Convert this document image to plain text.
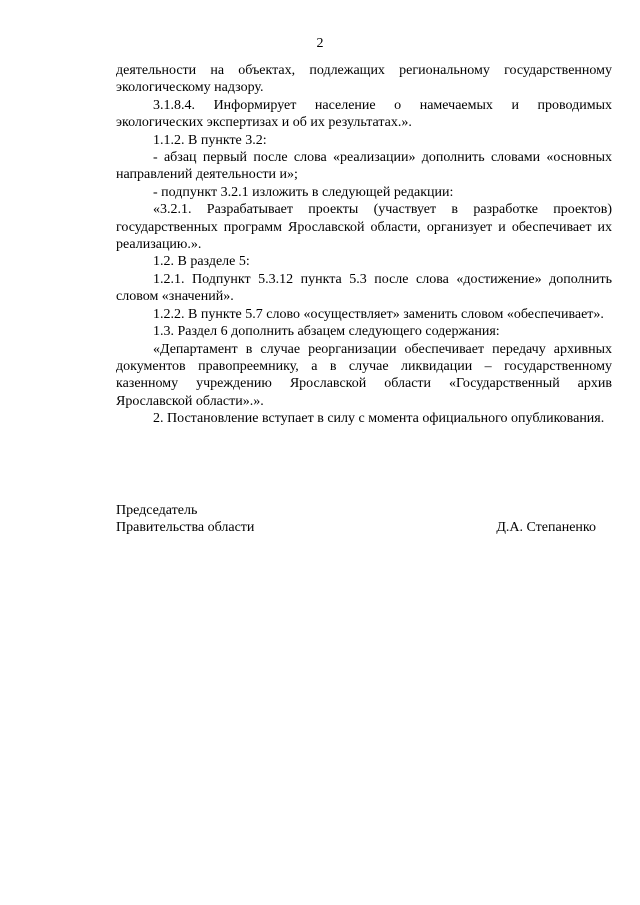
2

деятельности на объектах, подлежащих региональному государственному экологическому надзору.

3.1.8.4. Информирует население о намечаемых и проводимых экологических экспертизах и об их результатах.».

1.1.2. В пункте 3.2:

- абзац первый после слова «реализации» дополнить словами «основных направлений деятельности и»;

- подпункт 3.2.1 изложить в следующей редакции:

«3.2.1. Разрабатывает проекты (участвует в разработке проектов) государственных программ Ярославской области, организует и обеспечивает их реализацию.».

1.2. В разделе 5:

1.2.1. Подпункт 5.3.12 пункта 5.3 после слова «достижение» дополнить словом «значений».

1.2.2. В пункте 5.7 слово «осуществляет» заменить словом «обеспечивает».

1.3. Раздел 6 дополнить абзацем следующего содержания:

«Департамент в случае реорганизации обеспечивает передачу архивных документов правопреемнику, а в случае ликвидации – государственному казенному учреждению Ярославской области «Государственный архив Ярославской области».».

2. Постановление вступает в силу с момента официального опубликования.

Председатель
Правительства области	Д.А. Степаненко
